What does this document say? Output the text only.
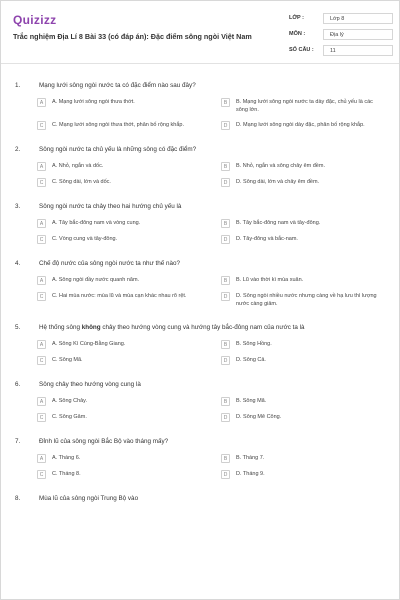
Quizizz
Trắc nghiệm Địa Lí 8 Bài 33 (có đáp án): Đặc điểm sông ngòi Việt Nam
LỚP :	Lớp 8
MÔN :	Địa lý
SỐ CÂU :	11
1.	Mạng lưới sông ngòi nước ta có đặc điểm nào sau đây?
A	A. Mạng lưới sông ngòi thưa thớt.	B	B. Mạng lưới sông ngòi nước ta dày đặc, chủ yếu là các sông lớn.
C	C. Mạng lưới sông ngòi thưa thớt, phân bố rộng khắp.	D	D. Mạng lưới sông ngòi dày đặc, phân bố rộng khắp.
2.	Sông ngòi nước ta chủ yếu là những sông có đặc điểm?
A	A. Nhỏ, ngắn và dốc.	B	B. Nhỏ, ngắn và sông chảy êm đềm.
C	C. Sông dài, lớn và dốc.	D	D. Sông dài, lớn và chảy êm đềm.
3.	Sông ngòi nước ta chảy theo hai hướng chủ yếu là
A	A. Tây bắc-đông nam và vòng cung.	B	B. Tây bắc-đông nam và tây-đông.
C	C. Vòng cung và tây-đông.	D	D. Tây-đông và bắc-nam.
4.	Chế độ nước của sông ngòi nước ta như thế nào?
A	A. Sông ngòi đầy nước quanh năm.	B	B. Lũ vào thời kì mùa xuân.
C	C. Hai mùa nước: mùa lũ và mùa cạn khác nhau rõ rệt.	D	D. Sông ngòi nhiều nước nhưng càng về hạ lưu thì lượng nước càng giảm.
5.	Hệ thống sông không chảy theo hướng vòng cung và hướng tây bắc-đông nam của nước ta là
A	A. Sông Kì Cùng-Bằng Giang.	B	B. Sông Hồng.
C	C. Sông Mã.	D	D. Sông Cả.
6.	Sông chảy theo hướng vòng cung là
A	A. Sông Chảy.	B	B. Sông Mã.
C	C. Sông Gâm.	D	D. Sông Mê Công.
7.	Đỉnh lũ của sông ngòi Bắc Bộ vào tháng mấy?
A	A. Tháng 6.	B	B. Tháng 7.
C	C. Tháng 8.	D	D. Tháng 9.
8.	Mùa lũ của sông ngòi Trung Bộ vào
